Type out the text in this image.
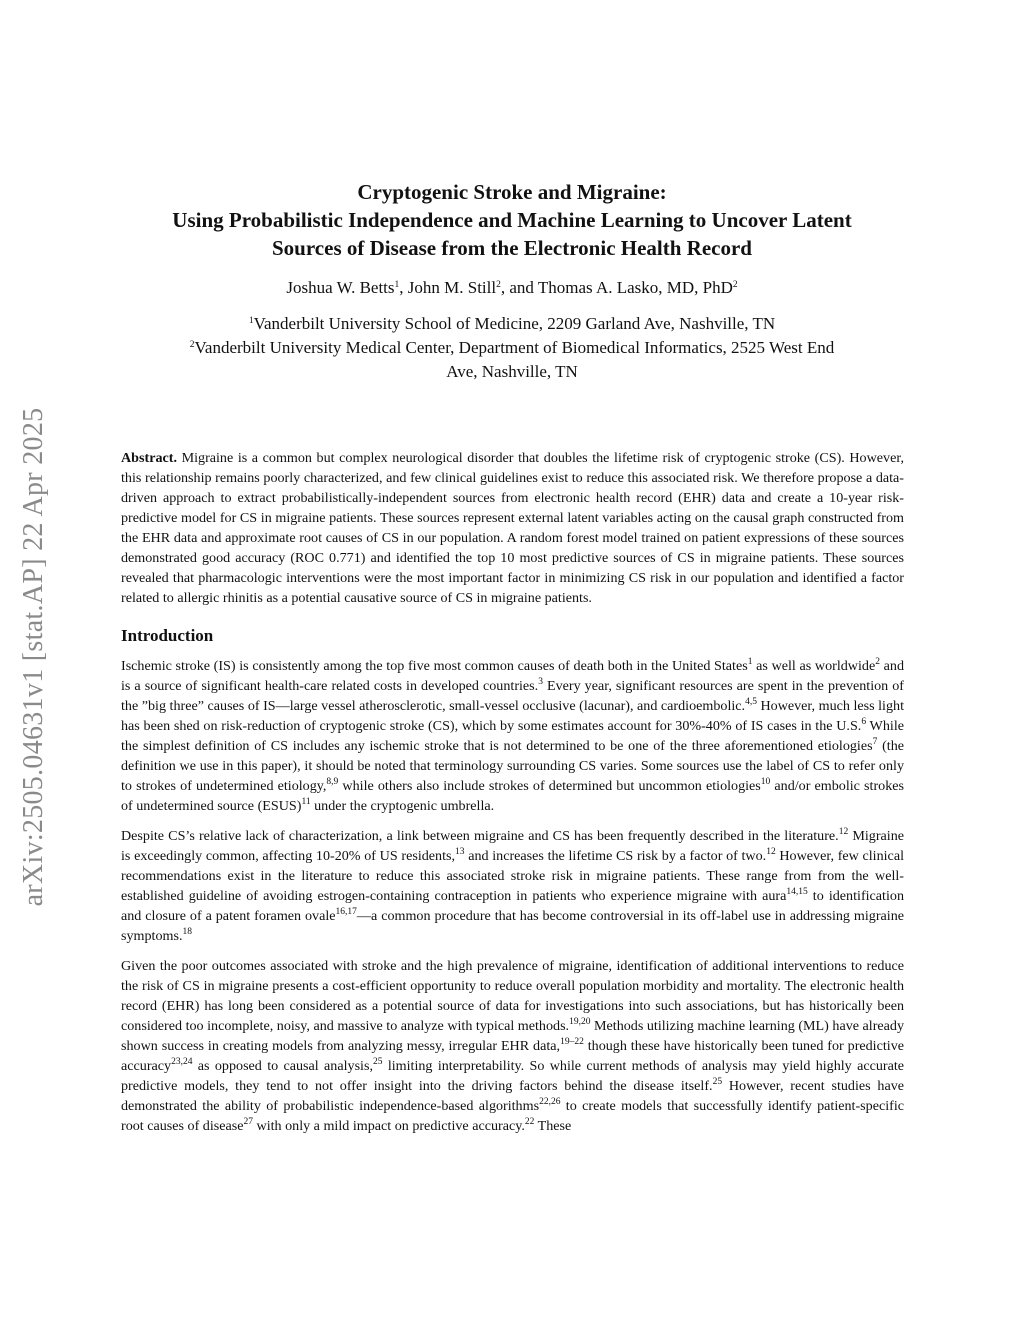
arXiv:2505.04631v1 [stat.AP] 22 Apr 2025
Cryptogenic Stroke and Migraine:
Using Probabilistic Independence and Machine Learning to Uncover Latent
Sources of Disease from the Electronic Health Record
Joshua W. Betts$^1$, John M. Still$^2$, and Thomas A. Lasko, MD, PhD$^2$
$^1$Vanderbilt University School of Medicine, 2209 Garland Ave, Nashville, TN
$^2$Vanderbilt University Medical Center, Department of Biomedical Informatics, 2525 West End
Ave, Nashville, TN

Abstract. Migraine is a common but complex neurological disorder that doubles the lifetime risk of cryptogenic stroke (CS). However, this relationship remains poorly characterized, and few clinical guidelines exist to reduce this associated risk. We therefore propose a data-driven approach to extract probabilistically-independent sources from electronic health record (EHR) data and create a 10-year risk-predictive model for CS in migraine patients. These sources represent external latent variables acting on the causal graph constructed from the EHR data and approximate root causes of CS in our population. A random forest model trained on patient expressions of these sources demonstrated good accuracy (ROC 0.771) and identified the top 10 most predictive sources of CS in migraine patients. These sources revealed that pharmacologic interventions were the most important factor in minimizing CS risk in our population and identified a factor related to allergic rhinitis as a potential causative source of CS in migraine patients.

Introduction

Ischemic stroke (IS) is consistently among the top five most common causes of death both in the United States$^1$ as well as worldwide$^2$ and is a source of significant health-care related costs in developed countries.$^3$ Every year, significant resources are spent in the prevention of the ”big three” causes of IS—large vessel atherosclerotic, small-vessel occlusive (lacunar), and cardioembolic.$^{4,5}$ However, much less light has been shed on risk-reduction of cryptogenic stroke (CS), which by some estimates account for 30%-40% of IS cases in the U.S.$^6$ While the simplest definition of CS includes any ischemic stroke that is not determined to be one of the three aforementioned etiologies$^7$ (the definition we use in this paper), it should be noted that terminology surrounding CS varies. Some sources use the label of CS to refer only to strokes of undetermined etiology,$^{8,9}$ while others also include strokes of determined but uncommon etiologies$^{10}$ and/or embolic strokes of undetermined source (ESUS)$^{11}$ under the cryptogenic umbrella.

Despite CS’s relative lack of characterization, a link between migraine and CS has been frequently described in the literature.$^{12}$ Migraine is exceedingly common, affecting 10-20% of US residents,$^{13}$ and increases the lifetime CS risk by a factor of two.$^{12}$ However, few clinical recommendations exist in the literature to reduce this associated stroke risk in migraine patients. These range from from the well-established guideline of avoiding estrogen-containing contraception in patients who experience migraine with aura$^{14,15}$ to identification and closure of a patent foramen ovale$^{16,17}$—a common procedure that has become controversial in its off-label use in addressing migraine symptoms.$^{18}$

Given the poor outcomes associated with stroke and the high prevalence of migraine, identification of additional interventions to reduce the risk of CS in migraine presents a cost-efficient opportunity to reduce overall population morbidity and mortality. The electronic health record (EHR) has long been considered as a potential source of data for investigations into such associations, but has historically been considered too incomplete, noisy, and massive to analyze with typical methods.$^{19,20}$ Methods utilizing machine learning (ML) have already shown success in creating models from analyzing messy, irregular EHR data,$^{19-22}$ though these have historically been tuned for predictive accuracy$^{23,24}$ as opposed to causal analysis,$^{25}$ limiting interpretability. So while current methods of analysis may yield highly accurate predictive models, they tend to not offer insight into the driving factors behind the disease itself.$^{25}$ However, recent studies have demonstrated the ability of probabilistic independence-based algorithms$^{22,26}$ to create models that successfully identify patient-specific root causes of disease$^{27}$ with only a mild impact on predictive accuracy.$^{22}$ These
